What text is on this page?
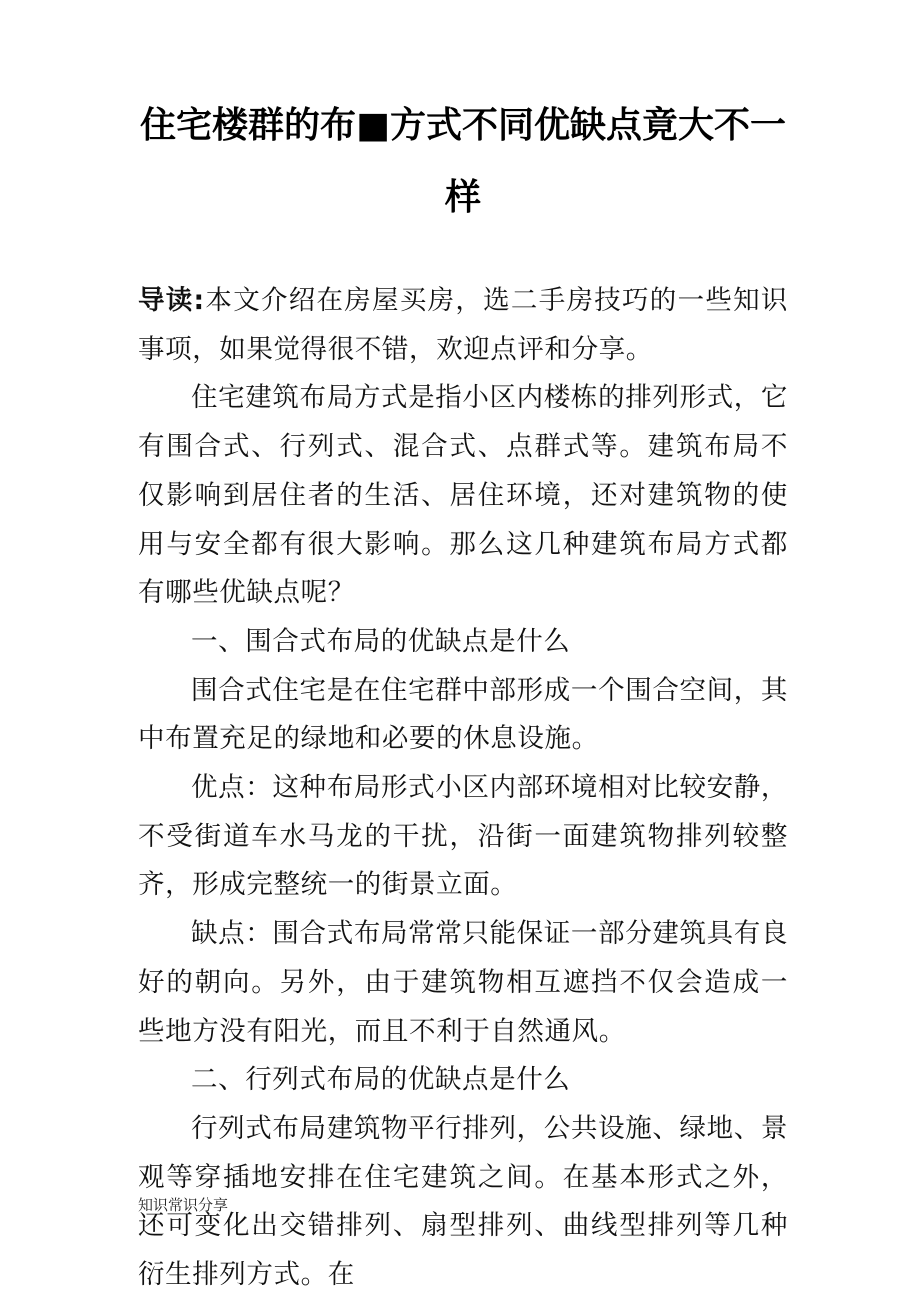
住宅楼群的布■方式不同优缺点竟大不一
样

导读:本文介绍在房屋买房，选二手房技巧的一些知识事项，如果觉得很不错，欢迎点评和分享。

住宅建筑布局方式是指小区内楼栋的排列形式，它有围合式、行列式、混合式、点群式等。建筑布局不仅影响到居住者的生活、居住环境，还对建筑物的使用与安全都有很大影响。那么这几种建筑布局方式都有哪些优缺点呢？

一、围合式布局的优缺点是什么

围合式住宅是在住宅群中部形成一个围合空间，其中布置充足的绿地和必要的休息设施。

优点：这种布局形式小区内部环境相对比较安静，不受街道车水马龙的干扰，沿街一面建筑物排列较整齐，形成完整统一的街景立面。

缺点：围合式布局常常只能保证一部分建筑具有良好的朝向。另外，由于建筑物相互遮挡不仅会造成一些地方没有阳光，而且不利于自然通风。

二、行列式布局的优缺点是什么

行列式布局建筑物平行排列，公共设施、绿地、景观等穿插地安排在住宅建筑之间。在基本形式之外，还可变化出交错排列、扇型排列、曲线型排列等几种衍生排列方式。在

知识常识分享
